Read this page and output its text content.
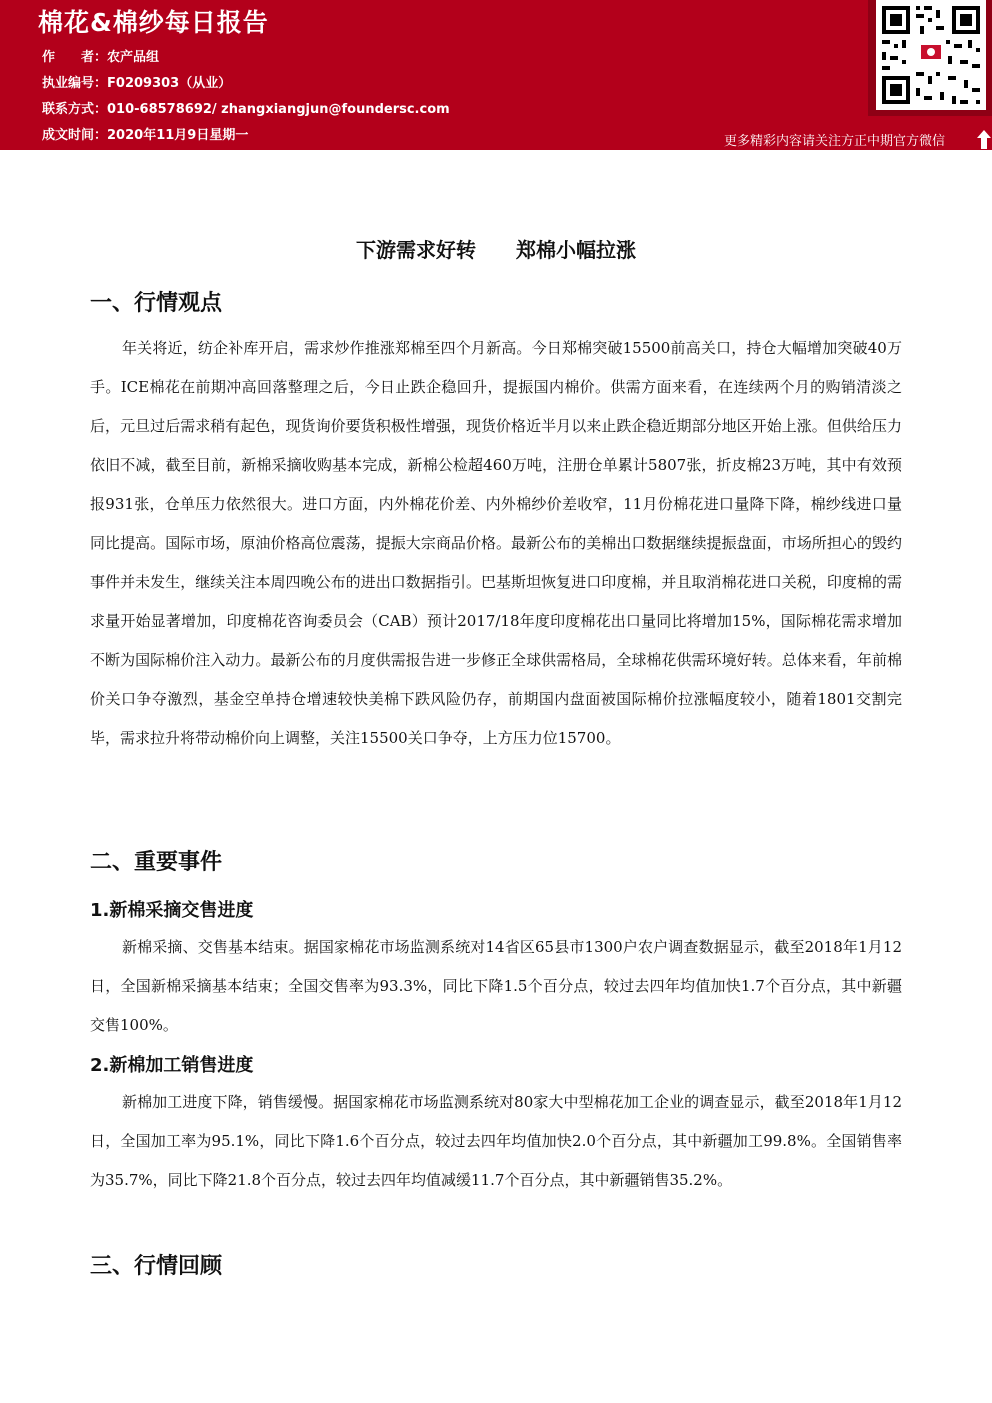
棉花&棉纱每日报告
作　　者：农产品组
执业编号：F0209303（从业）
联系方式：010-68578692/ zhangxiangjun@foundersc.com
成文时间：2020年11月9日星期一	更多精彩内容请关注方正中期官方微信
下游需求好转　　郑棉小幅拉涨
一、行情观点
年关将近，纺企补库开启，需求炒作推涨郑棉至四个月新高。今日郑棉突破15500前高关口，持仓大幅增加突破40万手。ICE棉花在前期冲高回落整理之后，今日止跌企稳回升，提振国内棉价。供需方面来看，在连续两个月的购销清淡之后，元旦过后需求稍有起色，现货询价要货积极性增强，现货价格近半月以来止跌企稳近期部分地区开始上涨。但供给压力依旧不减，截至目前，新棉采摘收购基本完成，新棉公检超460万吨，注册仓单累计5807张，折皮棉23万吨，其中有效预报931张，仓单压力依然很大。进口方面，内外棉花价差、内外棉纱价差收窄，11月份棉花进口量降下降，棉纱线进口量同比提高。国际市场，原油价格高位震荡，提振大宗商品价格。最新公布的美棉出口数据继续提振盘面，市场所担心的毁约事件并未发生，继续关注本周四晚公布的进出口数据指引。巴基斯坦恢复进口印度棉，并且取消棉花进口关税，印度棉的需求量开始显著增加，印度棉花咨询委员会（CAB）预计2017/18年度印度棉花出口量同比将增加15%，国际棉花需求增加不断为国际棉价注入动力。最新公布的月度供需报告进一步修正全球供需格局，全球棉花供需环境好转。总体来看，年前棉价关口争夺激烈，基金空单持仓增速较快美棉下跌风险仍存，前期国内盘面被国际棉价拉涨幅度较小，随着1801交割完毕，需求拉升将带动棉价向上调整，关注15500关口争夺，上方压力位15700。
二、重要事件
1.新棉采摘交售进度
新棉采摘、交售基本结束。据国家棉花市场监测系统对14省区65县市1300户农户调查数据显示，截至2018年1月12日，全国新棉采摘基本结束；全国交售率为93.3%，同比下降1.5个百分点，较过去四年均值加快1.7个百分点，其中新疆交售100%。
2.新棉加工销售进度
新棉加工进度下降，销售缓慢。据国家棉花市场监测系统对80家大中型棉花加工企业的调查显示，截至2018年1月12日，全国加工率为95.1%，同比下降1.6个百分点，较过去四年均值加快2.0个百分点，其中新疆加工99.8%。全国销售率为35.7%，同比下降21.8个百分点，较过去四年均值减缓11.7个百分点，其中新疆销售35.2%。
三、行情回顾
